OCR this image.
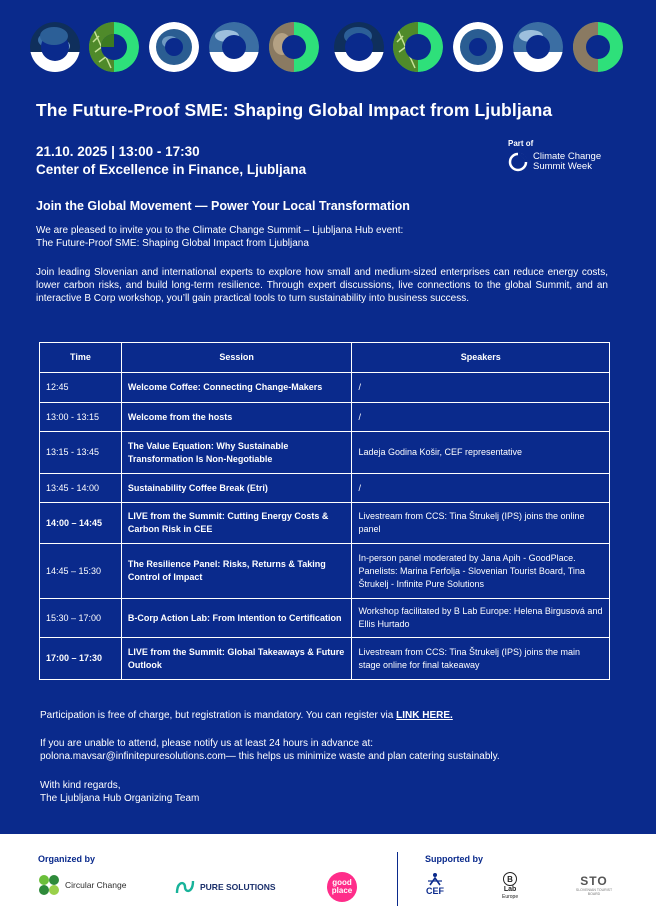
The Future-Proof SME: Shaping Global Impact from Ljubljana
21.10. 2025 | 13:00 - 17:30
Center of Excellence in Finance, Ljubljana
Part of
Climate Change
Summit Week
Join the Global Movement — Power Your Local Transformation
We are pleased to invite you to the Climate Change Summit – Ljubljana Hub event:
The Future-Proof SME: Shaping Global Impact from Ljubljana
Join leading Slovenian and international experts to explore how small and medium-sized enterprises can reduce energy costs, lower carbon risks, and build long-term resilience. Through expert discussions, live connections to the global Summit, and an interactive B Corp workshop, you’ll gain practical tools to turn sustainability into business success.
Time	Session	Speakers
12:45	Welcome Coffee: Connecting Change-Makers	/
13:00 - 13:15	Welcome from the hosts	/
13:15 - 13:45	The Value Equation: Why Sustainable Transformation Is Non-Negotiable	Ladeja Godina Košir, CEF representative
13:45 - 14:00	Sustainability Coffee Break (Etri)	/
14:00 – 14:45	LIVE from the Summit: Cutting Energy Costs & Carbon Risk in CEE	Livestream from CCS: Tina Štrukelj (IPS) joins the online panel
14:45 – 15:30	The Resilience Panel: Risks, Returns & Taking Control of Impact	In-person panel moderated by Jana Apih - GoodPlace. Panelists: Marina Ferfolja - Slovenian Tourist Board, Tina Štrukelj - Infinite Pure Solutions
15:30 – 17:00	B-Corp Action Lab: From Intention to Certification	Workshop facilitated by B Lab Europe: Helena Birgusová and Ellis Hurtado
17:00 – 17:30	LIVE from the Summit: Global Takeaways & Future Outlook	Livestream from CCS: Tina Štrukelj (IPS) joins the main stage online for final takeaway
Participation is free of charge, but registration is mandatory. You can register via LINK HERE.
If you are unable to attend, please notify us at least 24 hours in advance at:
polona.mavsar@infinitepuresolutions.com— this helps us minimize waste and plan catering sustainably.
With kind regards,
The Ljubljana Hub Organizing Team
Organized by	Supported by
Circular Change	PURE SOLUTIONS	good
place	CEF
B
Lab
Europe
STO
SLOVENIAN TOURIST BOARD
